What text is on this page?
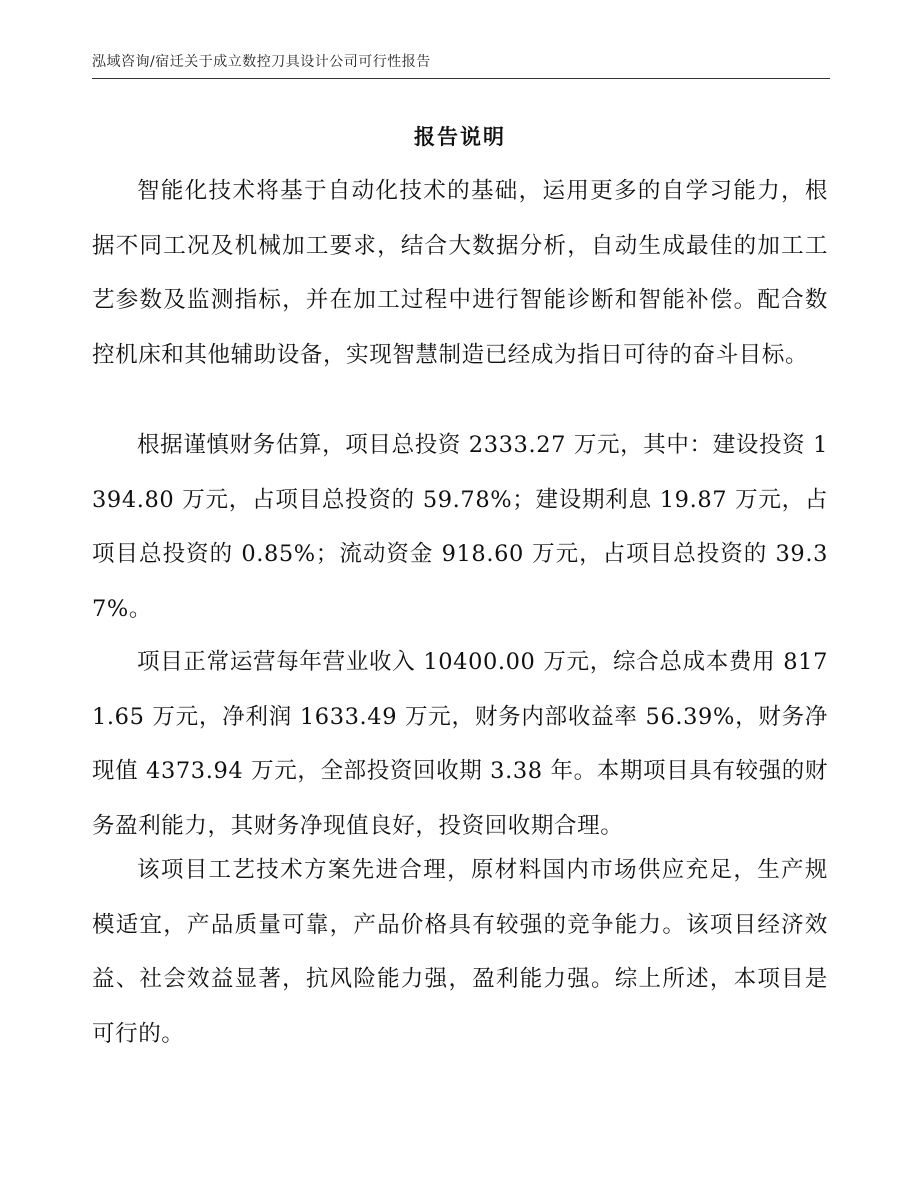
泓域咨询/宿迁关于成立数控刀具设计公司可行性报告
报告说明

智能化技术将基于自动化技术的基础，运用更多的自学习能力，根据不同工况及机械加工要求，结合大数据分析，自动生成最佳的加工工艺参数及监测指标，并在加工过程中进行智能诊断和智能补偿。配合数控机床和其他辅助设备，实现智慧制造已经成为指日可待的奋斗目标。

根据谨慎财务估算，项目总投资 2333.27 万元，其中：建设投资 1394.80 万元，占项目总投资的 59.78%；建设期利息 19.87 万元，占项目总投资的 0.85%；流动资金 918.60 万元，占项目总投资的 39.37%。

项目正常运营每年营业收入 10400.00 万元，综合总成本费用 8171.65 万元，净利润 1633.49 万元，财务内部收益率 56.39%，财务净现值 4373.94 万元，全部投资回收期 3.38 年。本期项目具有较强的财务盈利能力，其财务净现值良好，投资回收期合理。

该项目工艺技术方案先进合理，原材料国内市场供应充足，生产规模适宜，产品质量可靠，产品价格具有较强的竞争能力。该项目经济效益、社会效益显著，抗风险能力强，盈利能力强。综上所述，本项目是可行的。
